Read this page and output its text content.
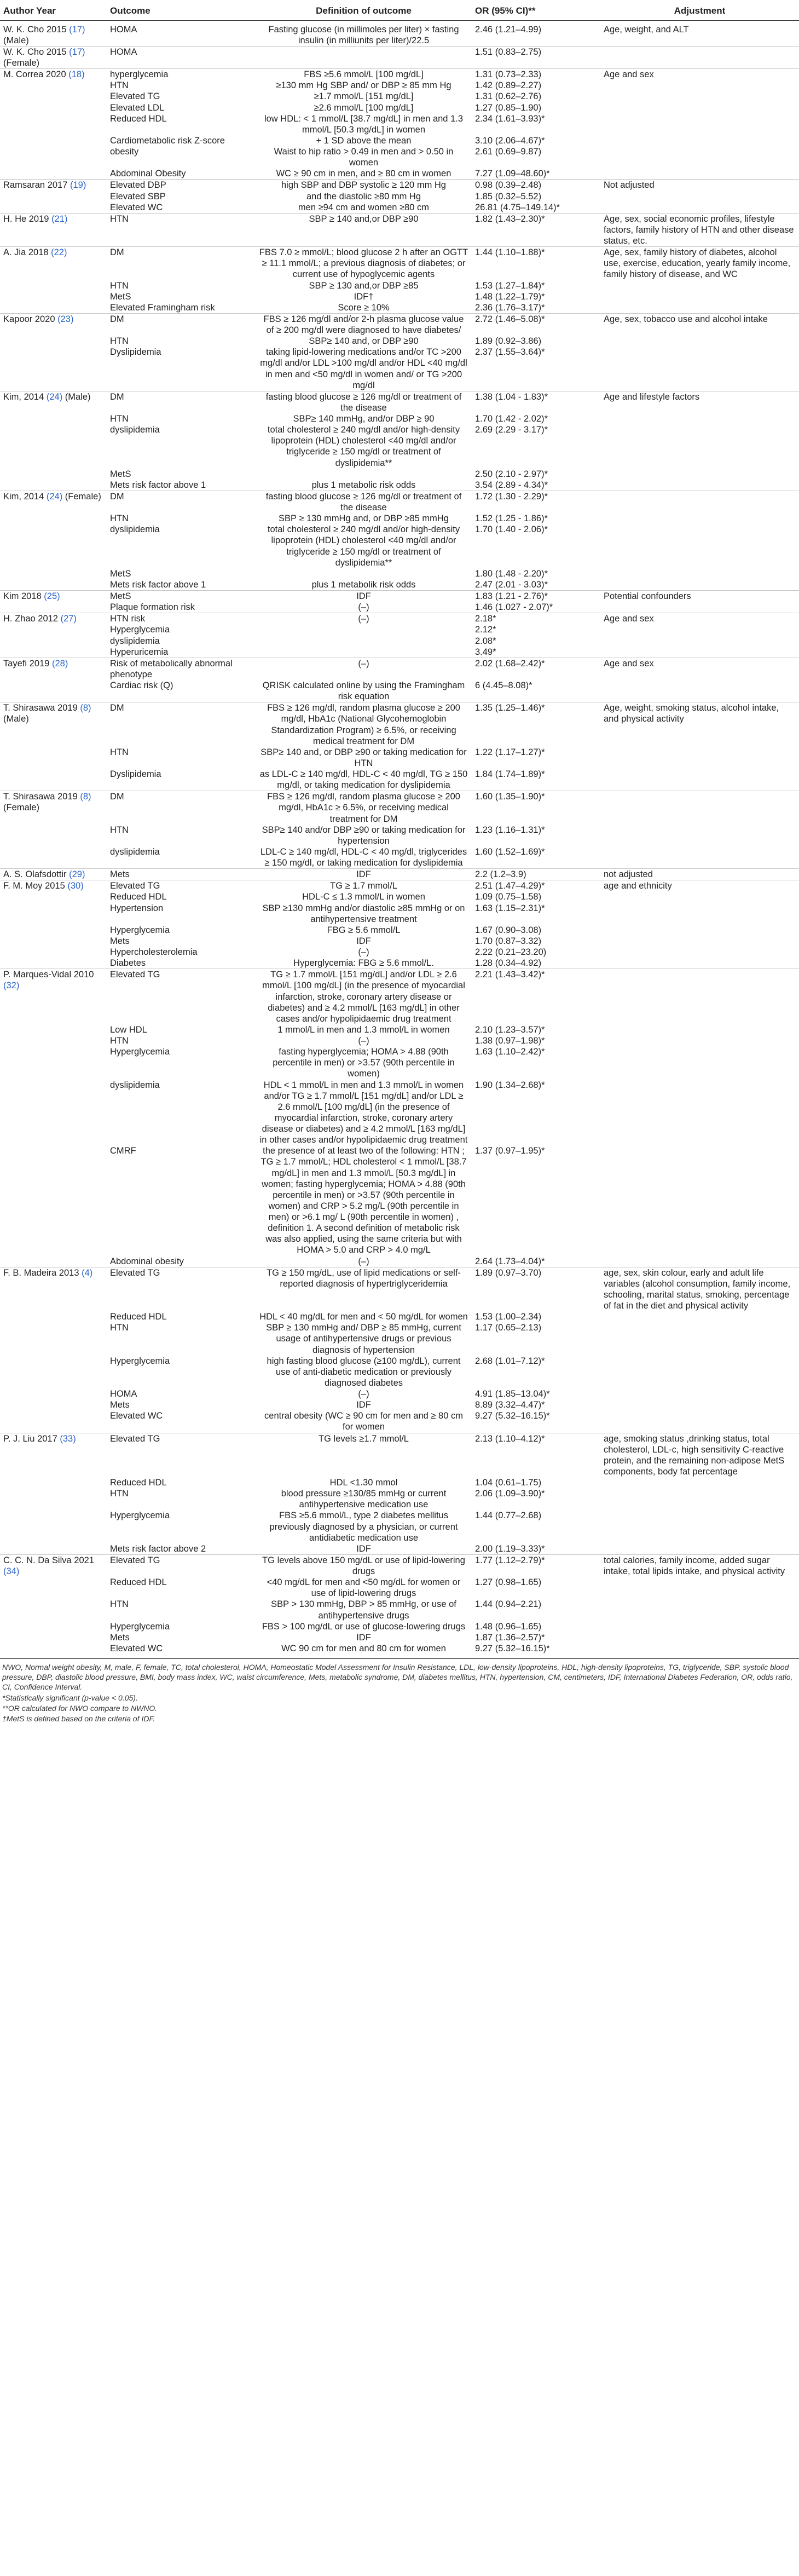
Author Year	Outcome	Definition of outcome	OR (95% CI)**	Adjustment
W. K. Cho 2015 (17) (Male)	HOMA	Fasting glucose (in millimoles per liter) × fasting insulin (in milliunits per liter)/22.5	2.46 (1.21–4.99)	Age, weight, and ALT
W. K. Cho 2015 (17) (Female)	HOMA		1.51 (0.83–2.75)	
M. Correa 2020 (18)	hyperglycemia	FBS ≥5.6 mmol/L [100 mg/dL]	1.31 (0.73–2.33)	Age and sex
	HTN	≥130 mm Hg SBP and/ or DBP ≥ 85 mm Hg	1.42 (0.89–2.27)	
	Elevated TG	≥1.7 mmol/L [151 mg/dL]	1.31 (0.62–2.76)	
	Elevated LDL	≥2.6 mmol/L [100 mg/dL]	1.27 (0.85–1.90)	
	Reduced HDL	low HDL: < 1 mmol/L [38.7 mg/dL] in men and 1.3 mmol/L [50.3 mg/dL] in women	2.34 (1.61–3.93)*	
	Cardiometabolic risk Z-score	+ 1 SD above the mean	3.10 (2.06–4.67)*	
	obesity	Waist to hip ratio > 0.49 in men and > 0.50 in women	2.61 (0.69–9.87)	
	Abdominal Obesity	WC ≥ 90 cm in men, and ≥ 80 cm in women	7.27 (1.09–48.60)*	
Ramsaran 2017 (19)	Elevated DBP	high SBP and DBP systolic ≥ 120 mm Hg	0.98 (0.39–2.48)	Not adjusted
	Elevated SBP	and the diastolic ≥80 mm Hg	1.85 (0.32–5.52)	
	Elevated WC	men ≥94 cm and women ≥80 cm	26.81 (4.75–149.14)*	
H. He 2019 (21)	HTN	SBP ≥ 140 and,or DBP ≥90	1.82 (1.43–2.30)*	Age, sex, social economic profiles, lifestyle factors, family history of HTN and other disease status, etc.
A. Jia 2018 (22)	DM	FBS 7.0 ≥ mmol/L; blood glucose 2 h after an OGTT ≥ 11.1 mmol/L; a previous diagnosis of diabetes; or current use of hypoglycemic agents	1.44 (1.10–1.88)*	Age, sex, family history of diabetes, alcohol use, exercise, education, yearly family income, family history of disease, and WC
	HTN	SBP ≥ 130 and,or DBP ≥85	1.53 (1.27–1.84)*	
	MetS	IDF†	1.48 (1.22–1.79)*	
	Elevated Framingham risk	Score ≥ 10%	2.36 (1.76–3.17)*	
Kapoor 2020 (23)	DM	FBS ≥ 126 mg/dl and/or 2-h plasma glucose value of ≥ 200 mg/dl were diagnosed to have diabetes/	2.72 (1.46–5.08)*	Age, sex, tobacco use and alcohol intake
	HTN	SBP≥ 140 and, or DBP ≥90	1.89 (0.92–3.86)	
	Dyslipidemia	taking lipid-lowering medications and/or TC >200 mg/dl and/or LDL >100 mg/dl and/or HDL <40 mg/dl in men and <50 mg/dl in women and/ or TG >200 mg/dl	2.37 (1.55–3.64)*	
Kim, 2014 (24) (Male)	DM	fasting blood glucose ≥ 126 mg/dl or treatment of the disease	1.38 (1.04 - 1.83)*	Age and lifestyle factors
	HTN	SBP≥ 140 mmHg, and/or DBP ≥ 90	1.70 (1.42 - 2.02)*	
	dyslipidemia	total cholesterol ≥ 240 mg/dl and/or high-density lipoprotein (HDL) cholesterol <40 mg/dl and/or triglyceride ≥ 150 mg/dl or treatment of dyslipidemia**	2.69 (2.29 - 3.17)*	
	MetS		2.50 (2.10 - 2.97)*	
	Mets risk factor above 1	plus 1 metabolic risk odds	3.54 (2.89 - 4.34)*	
Kim, 2014 (24) (Female)	DM	fasting blood glucose ≥ 126 mg/dl or treatment of the disease	1.72 (1.30 - 2.29)*	
	HTN	SBP ≥ 130 mmHg and, or DBP ≥85 mmHg	1.52 (1.25 - 1.86)*	
	dyslipidemia	total cholesterol ≥ 240 mg/dl and/or high-density lipoprotein (HDL) cholesterol <40 mg/dl and/or triglyceride ≥ 150 mg/dl or treatment of dyslipidemia**	1.70 (1.40 - 2.06)*	
	MetS		1.80 (1.48 - 2.20)*	
	Mets risk factor above 1	plus 1 metabolik risk odds	2.47 (2.01 - 3.03)*	
Kim 2018 (25)	MetS	IDF	1.83 (1.21 - 2.76)*	Potential confounders
	Plaque formation risk	(–)	1.46 (1.027 - 2.07)*	
H. Zhao 2012 (27)	HTN risk	(–)	2.18*	Age and sex
	Hyperglycemia		2.12*	
	dyslipidemia		2.08*	
	Hyperuricemia		3.49*	
Tayefi 2019 (28)	Risk of metabolically abnormal phenotype	(–)	2.02 (1.68–2.42)*	Age and sex
	Cardiac risk (Q)	QRISK calculated online by using the Framingham risk equation	6 (4.45–8.08)*	
T. Shirasawa 2019 (8) (Male)	DM	FBS ≥ 126 mg/dl, random plasma glucose ≥ 200 mg/dl, HbA1c (National Glycohemoglobin Standardization Program) ≥ 6.5%, or receiving medical treatment for DM	1.35 (1.25–1.46)*	Age, weight, smoking status, alcohol intake, and physical activity
	HTN	SBP≥ 140 and, or DBP ≥90 or taking medication for HTN	1.22 (1.17–1.27)*	
	Dyslipidemia	as LDL-C ≥ 140 mg/dl, HDL-C < 40 mg/dl, TG ≥ 150 mg/dl, or taking medication for dyslipidemia	1.84 (1.74–1.89)*	
T. Shirasawa 2019 (8) (Female)	DM	FBS ≥ 126 mg/dl, random plasma glucose ≥ 200 mg/dl, HbA1c ≥ 6.5%, or receiving medical treatment for DM	1.60 (1.35–1.90)*	
	HTN	SBP≥ 140 and/or DBP ≥90 or taking medication for hypertension	1.23 (1.16–1.31)*	
	dyslipidemia	LDL-C ≥ 140 mg/dl, HDL-C < 40 mg/dl, triglycerides ≥ 150 mg/dl, or taking medication for dyslipidemia	1.60 (1.52–1.69)*	
A. S. Olafsdottir (29)	Mets	IDF	2.2 (1.2–3.9)	not adjusted
F. M. Moy 2015 (30)	Elevated TG	TG ≥ 1.7 mmol/L	2.51 (1.47–4.29)*	age and ethnicity
	Reduced HDL	HDL-C ≤ 1.3 mmol/L in women	1.09 (0.75–1.58)	
	Hypertension	SBP ≥130 mmHg and/or diastolic ≥85 mmHg or on antihypertensive treatment	1.63 (1.15–2.31)*	
	Hyperglycemia	FBG ≥ 5.6 mmol/L	1.67 (0.90–3.08)	
	Mets	IDF	1.70 (0.87–3.32)	
	Hypercholesterolemia	(–)	2.22 (0.21–23.20)	
	Diabetes	Hyperglycemia: FBG ≥ 5.6 mmol/L.	1.28 (0.34–4.92)	
P. Marques-Vidal 2010 (32)	Elevated TG	TG ≥ 1.7 mmol/L [151 mg/dL] and/or LDL ≥ 2.6 mmol/L [100 mg/dL] (in the presence of myocardial infarction, stroke, coronary artery disease or diabetes) and ≥ 4.2 mmol/L [163 mg/dL] in other cases and/or hypolipidaemic drug treatment	2.21 (1.43–3.42)*	
	Low HDL	1 mmol/L in men and 1.3 mmol/L in women	2.10 (1.23–3.57)*	
	HTN	(–)	1.38 (0.97–1.98)*	
	Hyperglycemia	fasting hyperglycemia; HOMA > 4.88 (90th percentile in men) or >3.57 (90th percentile in women)	1.63 (1.10–2.42)*	
	dyslipidemia	HDL < 1 mmol/L in men and 1.3 mmol/L in women and/or TG ≥ 1.7 mmol/L [151 mg/dL] and/or LDL ≥ 2.6 mmol/L [100 mg/dL] (in the presence of myocardial infarction, stroke, coronary artery disease or diabetes) and ≥ 4.2 mmol/L [163 mg/dL] in other cases and/or hypolipidaemic drug treatment	1.90 (1.34–2.68)*	
	CMRF	the presence of at least two of the following: HTN ; TG ≥ 1.7 mmol/L; HDL cholesterol < 1 mmol/L [38.7 mg/dL] in men and 1.3 mmol/L [50.3 mg/dL] in women; fasting hyperglycemia; HOMA > 4.88 (90th percentile in men) or >3.57 (90th percentile in women) and CRP > 5.2 mg/L (90th percentile in men) or >6.1 mg/ L (90th percentile in women) , definition 1. A second definition of metabolic risk was also applied, using the same criteria but with HOMA > 5.0 and CRP > 4.0 mg/L	1.37 (0.97–1.95)*	
	Abdominal obesity	(–)	2.64 (1.73–4.04)*	
F. B. Madeira 2013 (4)	Elevated TG	TG ≥ 150 mg/dL, use of lipid medications or self-reported diagnosis of hypertriglyceridemia	1.89 (0.97–3.70)	age, sex, skin colour, early and adult life variables (alcohol consumption, family income, schooling, marital status, smoking, percentage of fat in the diet and physical activity
	Reduced HDL	HDL < 40 mg/dL for men and < 50 mg/dL for women	1.53 (1.00–2.34)	
	HTN	SBP ≥ 130 mmHg and/ DBP ≥ 85 mmHg, current usage of antihypertensive drugs or previous diagnosis of hypertension	1.17 (0.65–2.13)	
	Hyperglycemia	high fasting blood glucose (≥100 mg/dL), current use of anti-diabetic medication or previously diagnosed diabetes	2.68 (1.01–7.12)*	
	HOMA	(–)	4.91 (1.85–13.04)*	
	Mets	IDF	8.89 (3.32–4.47)*	
	Elevated WC	central obesity (WC ≥ 90 cm for men and ≥ 80 cm for women	9.27 (5.32–16.15)*	
P. J. Liu 2017 (33)	Elevated TG	TG levels ≥1.7 mmol/L	2.13 (1.10–4.12)*	age, smoking status ,drinking status, total cholesterol, LDL-c, high sensitivity C-reactive protein, and the remaining non-adipose MetS components, body fat percentage
	Reduced HDL	HDL <1.30 mmol	1.04 (0.61–1.75)	
	HTN	blood pressure ≥130/85 mmHg or current antihypertensive medication use	2.06 (1.09–3.90)*	
	Hyperglycemia	FBS ≥5.6 mmol/L, type 2 diabetes mellitus previously diagnosed by a physician, or current antidiabetic medication use	1.44 (0.77–2.68)	
	Mets risk factor above 2	IDF	2.00 (1.19–3.33)*	
C. C. N. Da Silva 2021 (34)	Elevated TG	TG levels above 150 mg/dL or use of lipid-lowering drugs	1.77 (1.12–2.79)*	total calories, family income, added sugar intake, total lipids intake, and physical activity
	Reduced HDL	<40 mg/dL for men and <50 mg/dL for women or use of lipid-lowering drugs	1.27 (0.98–1.65)	
	HTN	SBP > 130 mmHg, DBP > 85 mmHg, or use of antihypertensive drugs	1.44 (0.94–2.21)	
	Hyperglycemia	FBS > 100 mg/dL or use of glucose-lowering drugs	1.48 (0.96–1.65)	
	Mets	IDF	1.87 (1.36–2.57)*	
	Elevated WC	WC 90 cm for men and 80 cm for women	9.27 (5.32–16.15)*	
NWO, Normal weight obesity, M, male, F, female, TC, total cholesterol, HOMA, Homeostatic Model Assessment for Insulin Resistance, LDL, low-density lipoproteins, HDL, high-density lipoproteins, TG, triglyceride, SBP, systolic blood pressure, DBP, diastolic blood pressure, BMI, body mass index, WC, waist circumference, Mets, metabolic syndrome, DM, diabetes mellitus, HTN, hypertension, CM, centimeters, IDF, International Diabetes Federation, OR, odds ratio, CI, Confidence Interval.
*Statistically significant (p-value < 0.05).
**OR calculated for NWO compare to NWNO.
†MetS is defined based on the criteria of IDF.
